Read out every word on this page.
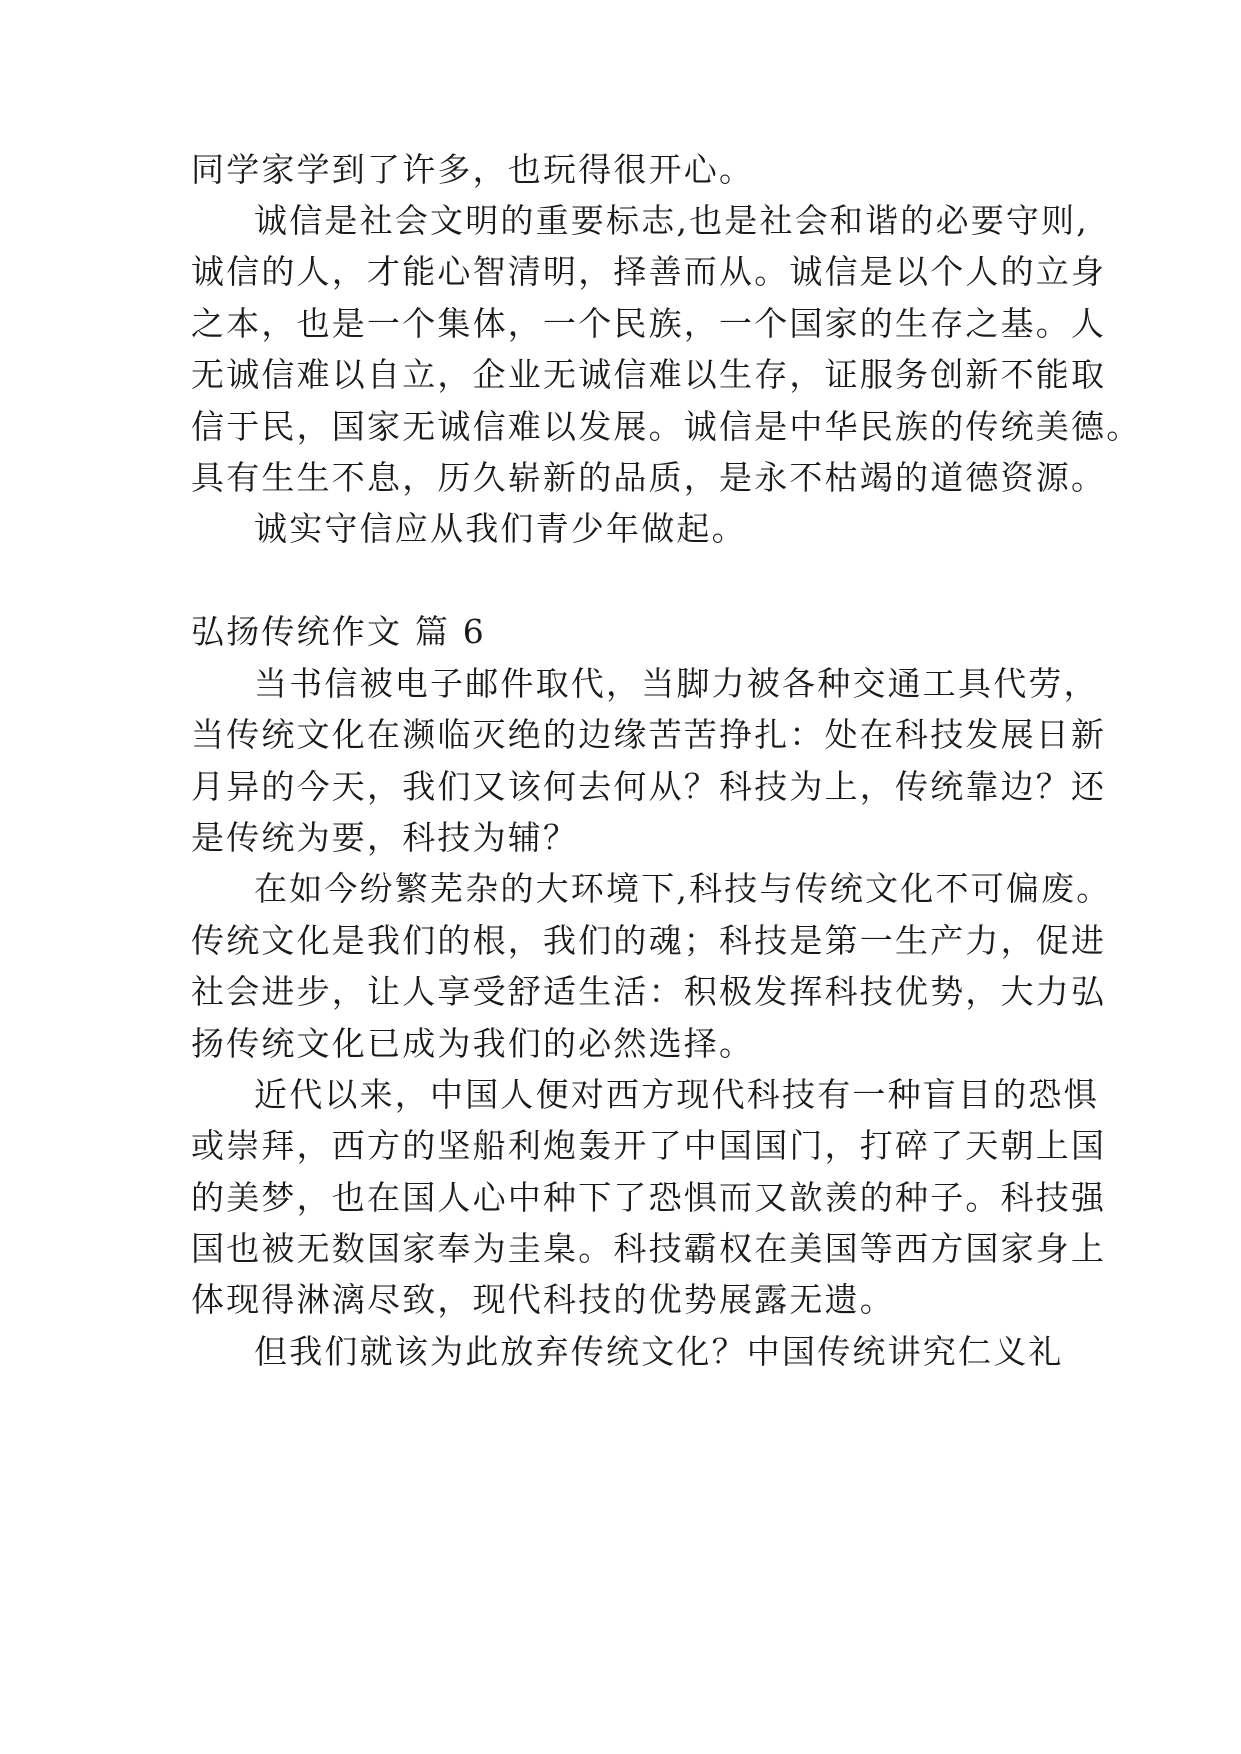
同学家学到了许多，也玩得很开心。
诚信是社会文明的重要标志,也是社会和谐的必要守则,
诚信的人，才能心智清明，择善而从。诚信是以个人的立身
之本，也是一个集体，一个民族，一个国家的生存之基。人
无诚信难以自立，企业无诚信难以生存，证服务创新不能取
信于民，国家无诚信难以发展。诚信是中华民族的传统美德。
具有生生不息，历久崭新的品质，是永不枯竭的道德资源。
诚实守信应从我们青少年做起。
弘扬传统作文 篇 6
当书信被电子邮件取代，当脚力被各种交通工具代劳，
当传统文化在濒临灭绝的边缘苦苦挣扎：处在科技发展日新
月异的今天，我们又该何去何从？科技为上，传统靠边？还
是传统为要，科技为辅？
在如今纷繁芜杂的大环境下,科技与传统文化不可偏废。
传统文化是我们的根，我们的魂；科技是第一生产力，促进
社会进步，让人享受舒适生活：积极发挥科技优势，大力弘
扬传统文化已成为我们的必然选择。
近代以来，中国人便对西方现代科技有一种盲目的恐惧
或崇拜，西方的坚船利炮轰开了中国国门，打碎了天朝上国
的美梦，也在国人心中种下了恐惧而又歆羡的种子。科技强
国也被无数国家奉为圭臬。科技霸权在美国等西方国家身上
体现得淋漓尽致，现代科技的优势展露无遗。
但我们就该为此放弃传统文化？中国传统讲究仁义礼
